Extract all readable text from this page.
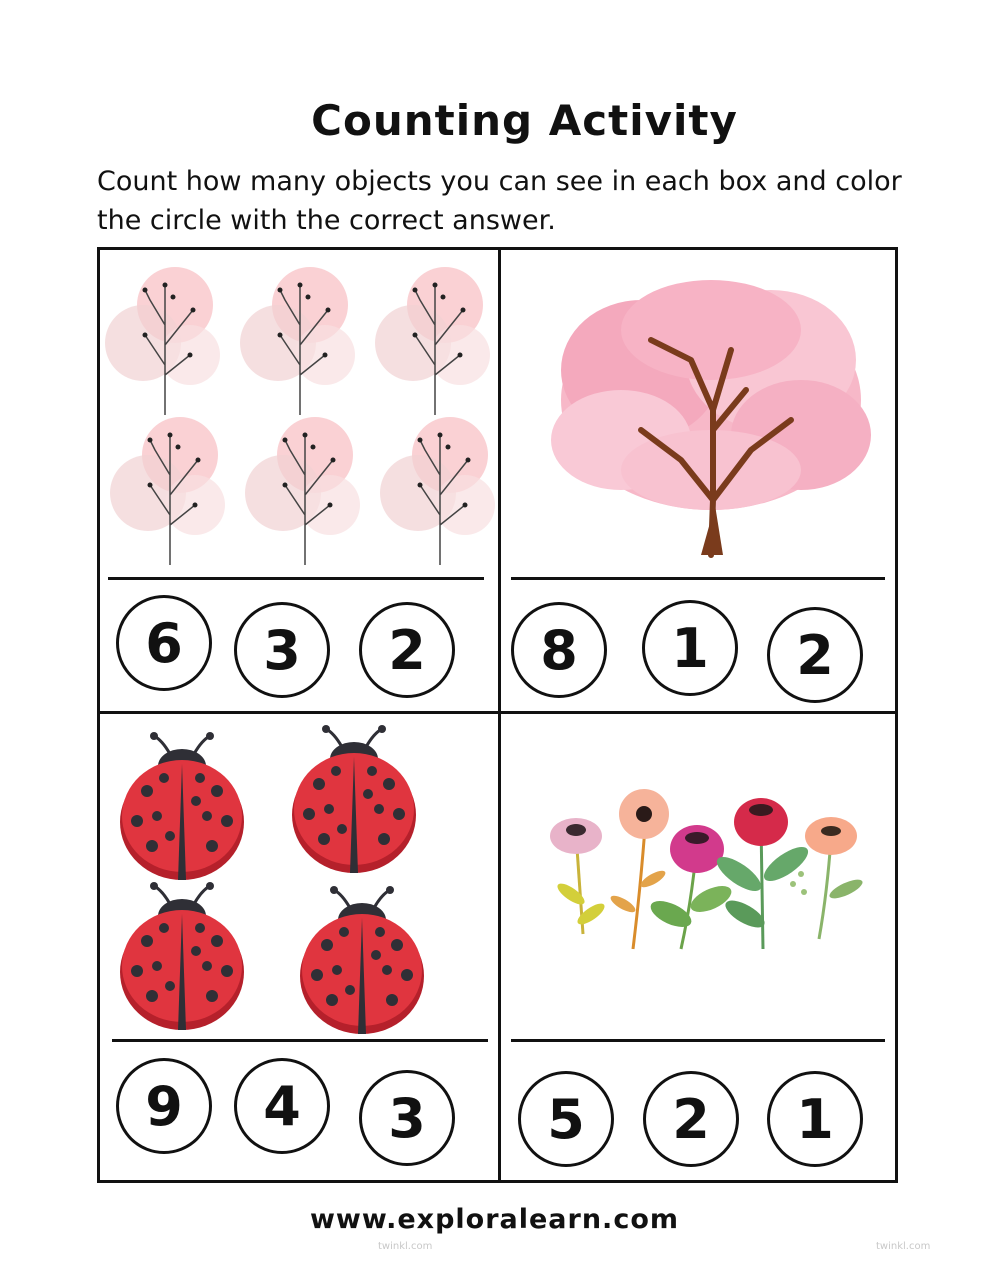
Counting Activity
Count how many objects you can see in each box and color the circle with the correct answer.
6	3	2	8	1	2
9	4	3	5	2	1
www.exploralearn.com
twinkl.com	twinkl.com
